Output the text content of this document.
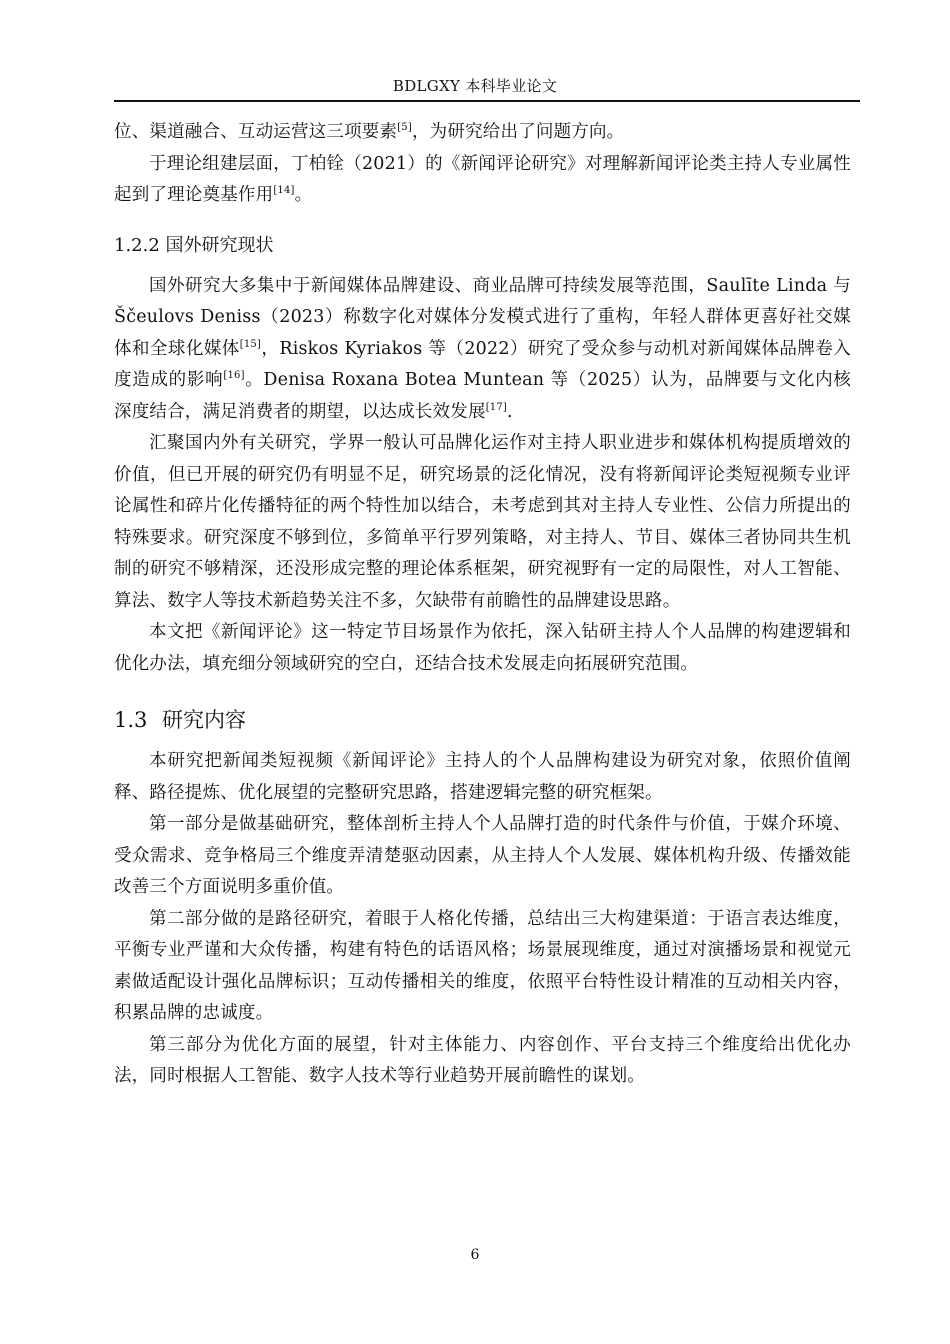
BDLGXY 本科毕业论文

位、渠道融合、互动运营这三项要素[5]，为研究给出了问题方向。

于理论组建层面，丁柏铨（2021）的《新闻评论研究》对理解新闻评论类主持人专业属性起到了理论奠基作用[14]。

1.2.2 国外研究现状

国外研究大多集中于新闻媒体品牌建设、商业品牌可持续发展等范围，Saulīte Linda 与 Ščeulovs Deniss（2023）称数字化对媒体分发模式进行了重构，年轻人群体更喜好社交媒体和全球化媒体[15]，Riskos Kyriakos 等（2022）研究了受众参与动机对新闻媒体品牌卷入度造成的影响[16]。Denisa Roxana Botea Muntean 等（2025）认为，品牌要与文化内核深度结合，满足消费者的期望，以达成长效发展[17].

汇聚国内外有关研究，学界一般认可品牌化运作对主持人职业进步和媒体机构提质增效的价值，但已开展的研究仍有明显不足，研究场景的泛化情况，没有将新闻评论类短视频专业评论属性和碎片化传播特征的两个特性加以结合，未考虑到其对主持人专业性、公信力所提出的特殊要求。研究深度不够到位，多简单平行罗列策略，对主持人、节目、媒体三者协同共生机制的研究不够精深，还没形成完整的理论体系框架，研究视野有一定的局限性，对人工智能、算法、数字人等技术新趋势关注不多，欠缺带有前瞻性的品牌建设思路。

本文把《新闻评论》这一特定节目场景作为依托，深入钻研主持人个人品牌的构建逻辑和优化办法，填充细分领域研究的空白，还结合技术发展走向拓展研究范围。

1.3 研究内容

本研究把新闻类短视频《新闻评论》主持人的个人品牌构建设为研究对象，依照价值阐释、路径提炼、优化展望的完整研究思路，搭建逻辑完整的研究框架。

第一部分是做基础研究，整体剖析主持人个人品牌打造的时代条件与价值，于媒介环境、受众需求、竞争格局三个维度弄清楚驱动因素，从主持人个人发展、媒体机构升级、传播效能改善三个方面说明多重价值。

第二部分做的是路径研究，着眼于人格化传播，总结出三大构建渠道：于语言表达维度，平衡专业严谨和大众传播，构建有特色的话语风格；场景展现维度，通过对演播场景和视觉元素做适配设计强化品牌标识；互动传播相关的维度，依照平台特性设计精准的互动相关内容，积累品牌的忠诚度。

第三部分为优化方面的展望，针对主体能力、内容创作、平台支持三个维度给出优化办法，同时根据人工智能、数字人技术等行业趋势开展前瞻性的谋划。

6
